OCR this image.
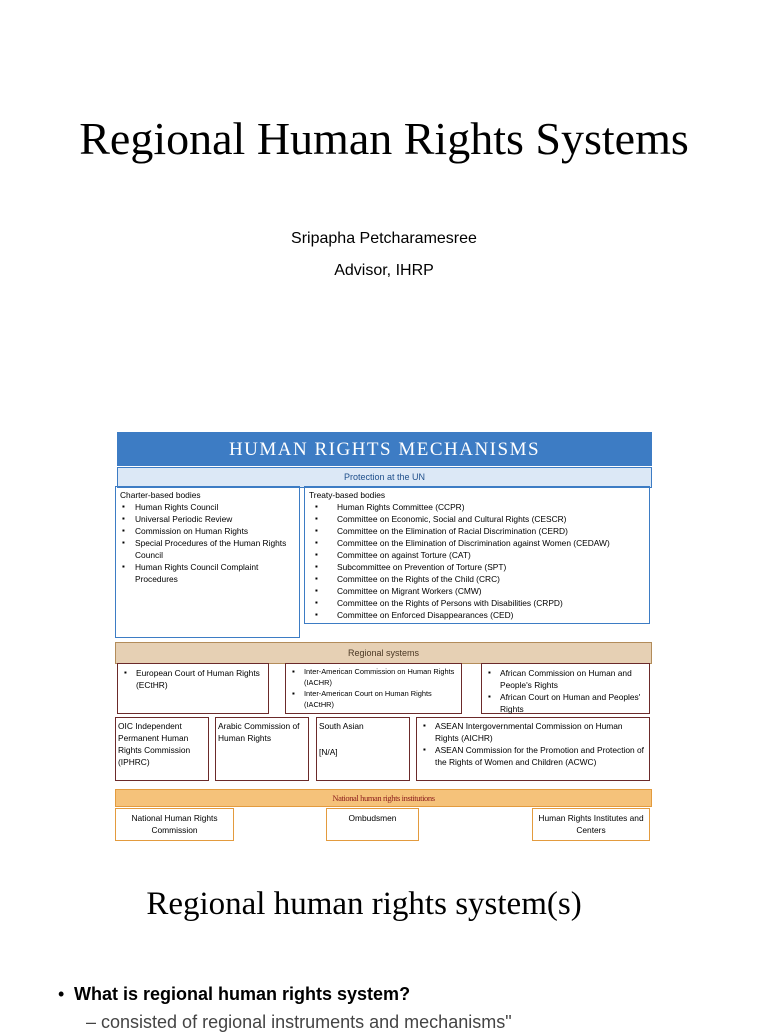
Regional Human Rights Systems
Sripapha Petcharamesree
Advisor, IHRP
HUMAN RIGHTS MECHANISMS
Protection at the UN
Charter-based bodies
▪ Human Rights Council
▪ Universal Periodic Review
▪ Commission on Human Rights
▪ Special Procedures of the Human Rights Council
▪ Human Rights Council Complaint Procedures
Treaty-based bodies
▪ Human Rights Committee (CCPR)
▪ Committee on Economic, Social and Cultural Rights (CESCR)
▪ Committee on the Elimination of Racial Discrimination (CERD)
▪ Committee on the Elimination of Discrimination against Women (CEDAW)
▪ Committee on against Torture (CAT)
▪ Subcommittee on Prevention of Torture (SPT)
▪ Committee on the Rights of the Child (CRC)
▪ Committee on Migrant Workers (CMW)
▪ Committee on the Rights of Persons with Disabilities (CRPD)
▪ Committee on Enforced Disappearances (CED)
Regional systems
▪ European Court of Human Rights (ECtHR)
▪ Inter-American Commission on Human Rights (IACHR)
▪ Inter-American Court on Human Rights (IACtHR)
▪ African Commission on Human and People's Rights
▪ African Court on Human and Peoples' Rights
OIC Independent Permanent Human Rights Commission (IPHRC)
Arabic Commission of Human Rights
South Asian
[N/A]
▪ ASEAN Intergovernmental Commission on Human Rights (AICHR)
▪ ASEAN Commission for the Promotion and Protection of the Rights of Women and Children (ACWC)
National human rights institutions
National Human Rights Commission
Ombudsmen	Human Rights Institutes and Centers
Regional human rights system(s)
• What is regional human rights system?
– consisted of regional instruments and mechanisms"
